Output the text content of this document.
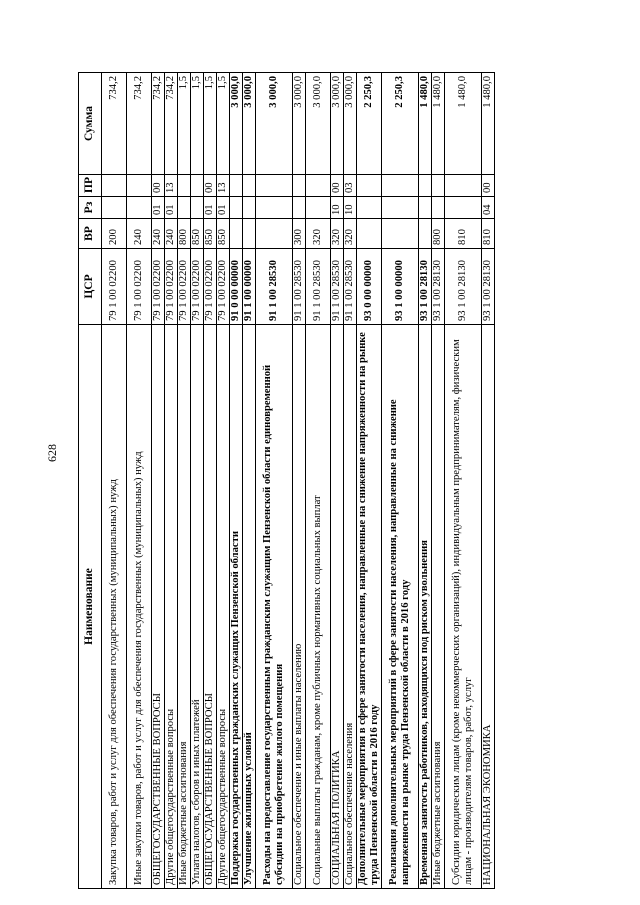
628
Наименование	ЦСР	ВР	Рз	ПР	Сумма
Закупка товаров, работ и услуг для обеспечения государственных (муниципальных) нужд	79 1 00 02200	200			734,2
Иные закупки товаров, работ и услуг для обеспечения государственных (муниципальных) нужд	79 1 00 02200	240			734,2
ОБЩЕГОСУДАРСТВЕННЫЕ ВОПРОСЫ	79 1 00 02200	240	01	00	734,2
Другие общегосударственные вопросы	79 1 00 02200	240	01	13	734,2
Иные бюджетные ассигнования	79 1 00 02200	800			1,5
Уплата налогов, сборов и иных платежей	79 1 00 02200	850			1,5
ОБЩЕГОСУДАРСТВЕННЫЕ ВОПРОСЫ	79 1 00 02200	850	01	00	1,5
Другие общегосударственные вопросы	79 1 00 02200	850	01	13	1,5
Поддержка государственных гражданских служащих Пензенской области	91 0 00 00000				3 000,0
Улучшение жилищных условий	91 1 00 00000				3 000,0
Расходы на предоставление государственным гражданским служащим Пензенской области единовременной субсидии на приобретение жилого помещения	91 1 00 28530				3 000,0
Социальное обеспечение и иные выплаты населению	91 1 00 28530	300			3 000,0
Социальные выплаты гражданам, кроме публичных нормативных социальных выплат	91 1 00 28530	320			3 000,0
СОЦИАЛЬНАЯ ПОЛИТИКА	91 1 00 28530	320	10	00	3 000,0
Социальное обеспечение населения	91 1 00 28530	320	10	03	3 000,0
Дополнительные мероприятия в сфере занятости населения, направленные на снижение напряженности на рынке труда Пензенской области в 2016 году	93 0 00 00000				2 250,3
Реализация дополнительных мероприятий в сфере занятости населения, направленные на снижение напряженности на рынке труда Пензенской области в 2016 году	93 1 00 00000				2 250,3
Временная занятость работников, находящихся под риском увольнения	93 1 00 28130				1 480,0
Иные бюджетные ассигнования	93 1 00 28130	800			1 480,0
Субсидии юридическим лицам (кроме некоммерческих организаций), индивидуальным предпринимателям, физическим лицам - производителям товаров, работ, услуг	93 1 00 28130	810			1 480,0
НАЦИОНАЛЬНАЯ ЭКОНОМИКА	93 1 00 28130	810	04	00	1 480,0
